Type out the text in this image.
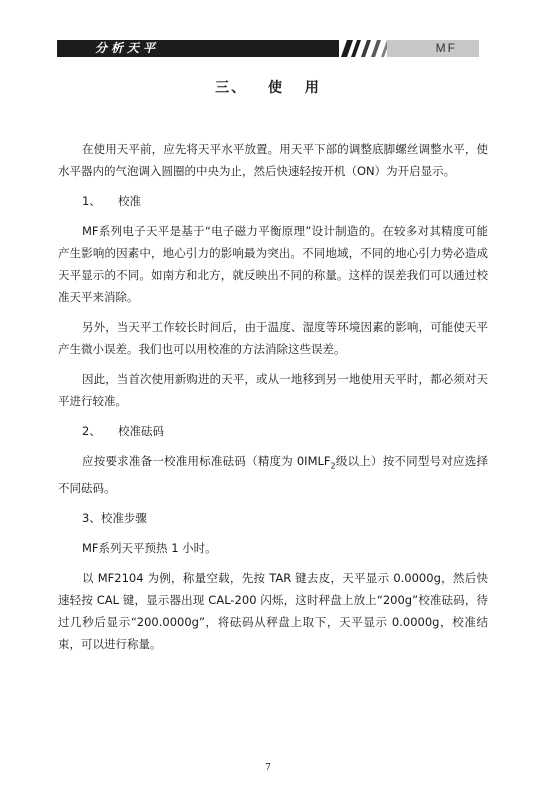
分析天平	MF
三、 使 用

在使用天平前，应先将天平水平放置。用天平下部的调整底脚螺丝调整水平，使水平器内的气泡调入圆圈的中央为止，然后快速轻按开机（ON）为开启显示。

1、 校准

MF系列电子天平是基于“电子磁力平衡原理”设计制造的。在较多对其精度可能产生影响的因素中，地心引力的影响最为突出。不同地域，不同的地心引力势必造成天平显示的不同。如南方和北方，就反映出不同的称量。这样的误差我们可以通过校准天平来消除。

另外，当天平工作较长时间后，由于温度、湿度等环境因素的影响，可能使天平产生微小误差。我们也可以用校准的方法消除这些误差。

因此，当首次使用新购进的天平，或从一地移到另一地使用天平时，都必须对天平进行较准。

2、 校准砝码

应按要求准备一校准用标准砝码（精度为 $0IMLF_2$级以上）按不同型号对应选择不同砝码。

3、校准步骤

MF系列天平预热 1 小时。

以 MF2104 为例，称量空载，先按 TAR 键去皮，天平显示 0.0000g，然后快速轻按 CAL 键，显示器出现 CAL-200 闪烁，这时秤盘上放上“200g”校准砝码，待过几秒后显示“200.0000g”，将砝码从秤盘上取下，天平显示 0.0000g，校准结束，可以进行称量。

7
